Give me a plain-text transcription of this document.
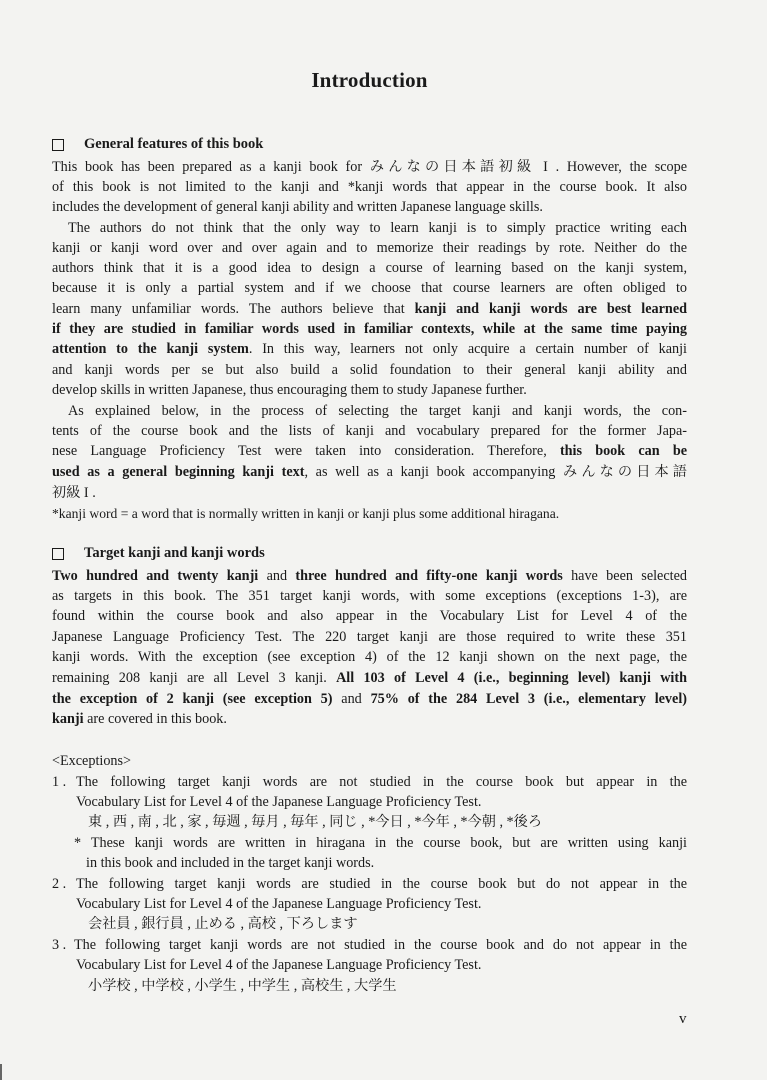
Introduction
General features of this book
This book has been prepared as a kanji book for みんなの日本語初級 I . However, the scope
of this book is not limited to the kanji and *kanji words that appear in the course book. It also
includes the development of general kanji ability and written Japanese language skills.
The authors do not think that the only way to learn kanji is to simply practice writing each
kanji or kanji word over and over again and to memorize their readings by rote. Neither do the
authors think that it is a good idea to design a course of learning based on the kanji system,
because it is only a partial system and if we choose that course learners are often obliged to
learn many unfamiliar words. The authors believe that kanji and kanji words are best learned
if they are studied in familiar words used in familiar contexts, while at the same time paying
attention to the kanji system. In this way, learners not only acquire a certain number of kanji
and kanji words per se but also build a solid foundation to their general kanji ability and
develop skills in written Japanese, thus encouraging them to study Japanese further.
As explained below, in the process of selecting the target kanji and kanji words, the con-
tents of the course book and the lists of kanji and vocabulary prepared for the former Japa-
nese Language Proficiency Test were taken into consideration. Therefore, this book can be
used as a general beginning kanji text, as well as a kanji book accompanying みんなの日本語
初級 I .
*kanji word = a word that is normally written in kanji or kanji plus some additional hiragana.
Target kanji and kanji words
Two hundred and twenty kanji and three hundred and fifty-one kanji words have been selected
as targets in this book. The 351 target kanji words, with some exceptions (exceptions 1-3), are
found within the course book and also appear in the Vocabulary List for Level 4 of the
Japanese Language Proficiency Test. The 220 target kanji are those required to write these 351
kanji words. With the exception (see exception 4) of the 12 kanji shown on the next page, the
remaining 208 kanji are all Level 3 kanji. All 103 of Level 4 (i.e., beginning level) kanji with
the exception of 2 kanji (see exception 5) and 75% of the 284 Level 3 (i.e., elementary level)
kanji are covered in this book.
<Exceptions>
1 . The following target kanji words are not studied in the course book but appear in the
Vocabulary List for Level 4 of the Japanese Language Proficiency Test.
東 , 西 , 南 , 北 , 家 , 毎週 , 毎月 , 毎年 , 同じ , *今日 , *今年 , *今朝 , *後ろ
* These kanji words are written in hiragana in the course book, but are written using kanji
in this book and included in the target kanji words.
2 . The following target kanji words are studied in the course book but do not appear in the
Vocabulary List for Level 4 of the Japanese Language Proficiency Test.
会社員 , 銀行員 , 止める , 高校 , 下ろします
3 . The following target kanji words are not studied in the course book and do not appear in the
Vocabulary List for Level 4 of the Japanese Language Proficiency Test.
小学校 , 中学校 , 小学生 , 中学生 , 高校生 , 大学生
v
